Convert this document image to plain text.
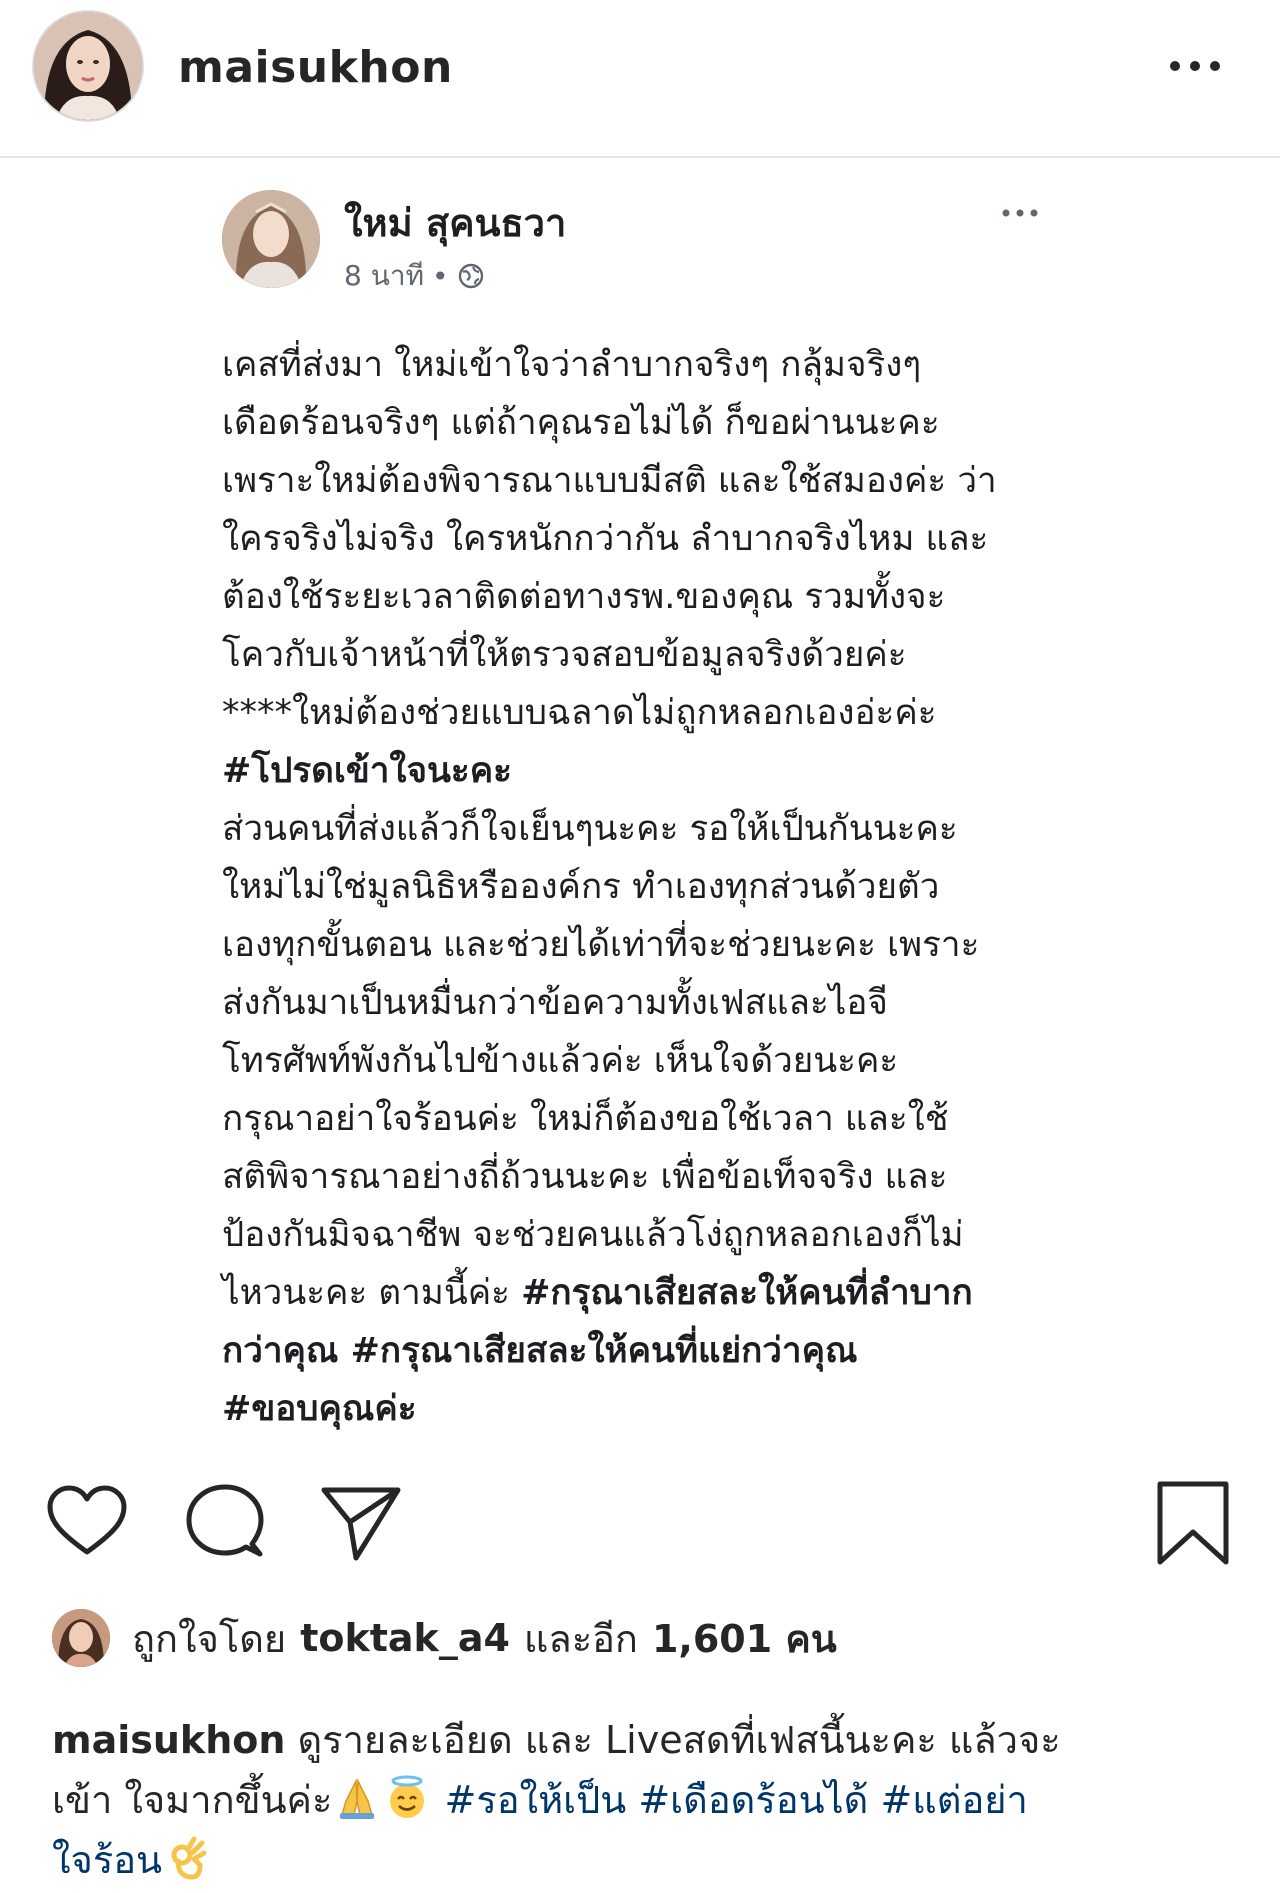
maisukhon
ใหม่ สุคนธวา
8 นาที •
เคสที่ส่งมา ใหม่เข้าใจว่าลำบากจริงๆ กลุ้มจริงๆ
เดือดร้อนจริงๆ แต่ถ้าคุณรอไม่ได้ ก็ขอผ่านนะคะ
เพราะใหม่ต้องพิจารณาแบบมีสติ และใช้สมองค่ะ ว่า
ใครจริงไม่จริง ใครหนักกว่ากัน ลำบากจริงไหม และ
ต้องใช้ระยะเวลาติดต่อทางรพ.ของคุณ รวมทั้งจะ
โควกับเจ้าหน้าที่ให้ตรวจสอบข้อมูลจริงด้วยค่ะ
****ใหม่ต้องช่วยแบบฉลาดไม่ถูกหลอกเองอ่ะค่ะ
#โปรดเข้าใจนะคะ
ส่วนคนที่ส่งแล้วก็ใจเย็นๆนะคะ รอให้เป็นกันนะคะ
ใหม่ไม่ใช่มูลนิธิหรือองค์กร ทำเองทุกส่วนด้วยตัว
เองทุกขั้นตอน และช่วยได้เท่าที่จะช่วยนะคะ เพราะ
ส่งกันมาเป็นหมื่นกว่าข้อความทั้งเฟสและไอจี
โทรศัพท์พังกันไปข้างแล้วค่ะ เห็นใจด้วยนะคะ
กรุณาอย่าใจร้อนค่ะ ใหม่ก็ต้องขอใช้เวลา และใช้
สติพิจารณาอย่างถี่ถ้วนนะคะ เพื่อข้อเท็จจริง และ
ป้องกันมิจฉาชีพ จะช่วยคนแล้วโง่ถูกหลอกเองก็ไม่
ไหวนะคะ ตามนี้ค่ะ #กรุณาเสียสละให้คนที่ลำบาก
กว่าคุณ #กรุณาเสียสละให้คนที่แย่กว่าคุณ
#ขอบคุณค่ะ
ถูกใจโดย toktak_a4 และอีก 1,601 คน
maisukhon ดูรายละเอียด และ Liveสดที่เฟสนี้นะคะ แล้วจะ
เข้า ใจมากขึ้นค่ะ	#รอให้เป็น #เดือดร้อนได้ #แต่อย่า
ใจร้อน
